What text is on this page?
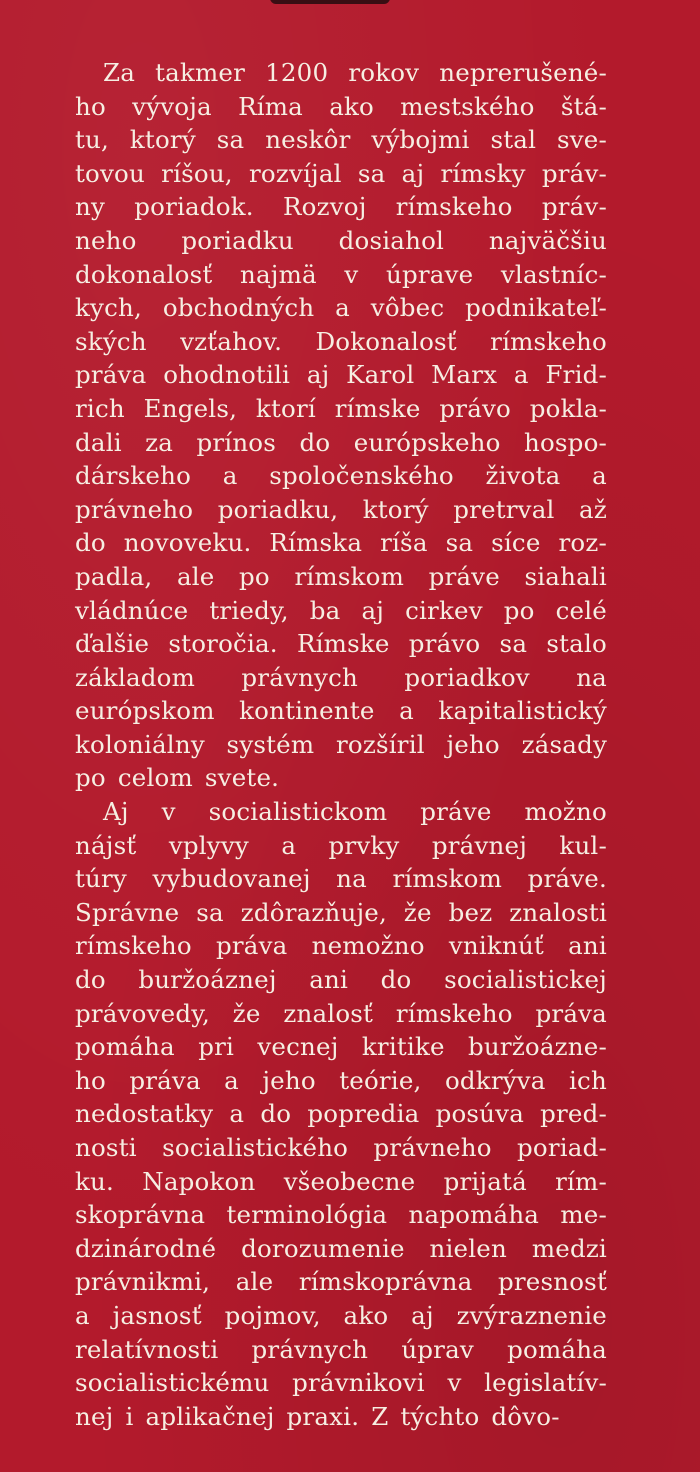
Za takmer 1200 rokov neprerušené-
ho vývoja Ríma ako mestského štá-
tu, ktorý sa neskôr výbojmi stal sve-
tovou ríšou, rozvíjal sa aj rímsky práv-
ny poriadok. Rozvoj rímskeho práv-
neho poriadku dosiahol najväčšiu
dokonalosť najmä v úprave vlastníc-
kych, obchodných a vôbec podnikateľ-
ských vzťahov. Dokonalosť rímskeho
práva ohodnotili aj Karol Marx a Frid-
rich Engels, ktorí rímske právo pokla-
dali za prínos do európskeho hospo-
dárskeho a spoločenského života a
právneho poriadku, ktorý pretrval až
do novoveku. Rímska ríša sa síce roz-
padla, ale po rímskom práve siahali
vládnúce triedy, ba aj cirkev po celé
ďalšie storočia. Rímske právo sa stalo
základom právnych poriadkov na
európskom kontinente a kapitalistický
koloniálny systém rozšíril jeho zásady
po celom svete.
Aj v socialistickom práve možno
nájsť vplyvy a prvky právnej kul-
túry vybudovanej na rímskom práve.
Správne sa zdôrazňuje, že bez znalosti
rímskeho práva nemožno vniknúť ani
do buržoáznej ani do socialistickej
právovedy, že znalosť rímskeho práva
pomáha pri vecnej kritike buržoázne-
ho práva a jeho teórie, odkrýva ich
nedostatky a do popredia posúva pred-
nosti socialistického právneho poriad-
ku. Napokon všeobecne prijatá rím-
skoprávna terminológia napomáha me-
dzinárodné dorozumenie nielen medzi
právnikmi, ale rímskoprávna presnosť
a jasnosť pojmov, ako aj zvýraznenie
relatívnosti právnych úprav pomáha
socialistickému právnikovi v legislatív-
nej i aplikačnej praxi. Z týchto dôvo-
